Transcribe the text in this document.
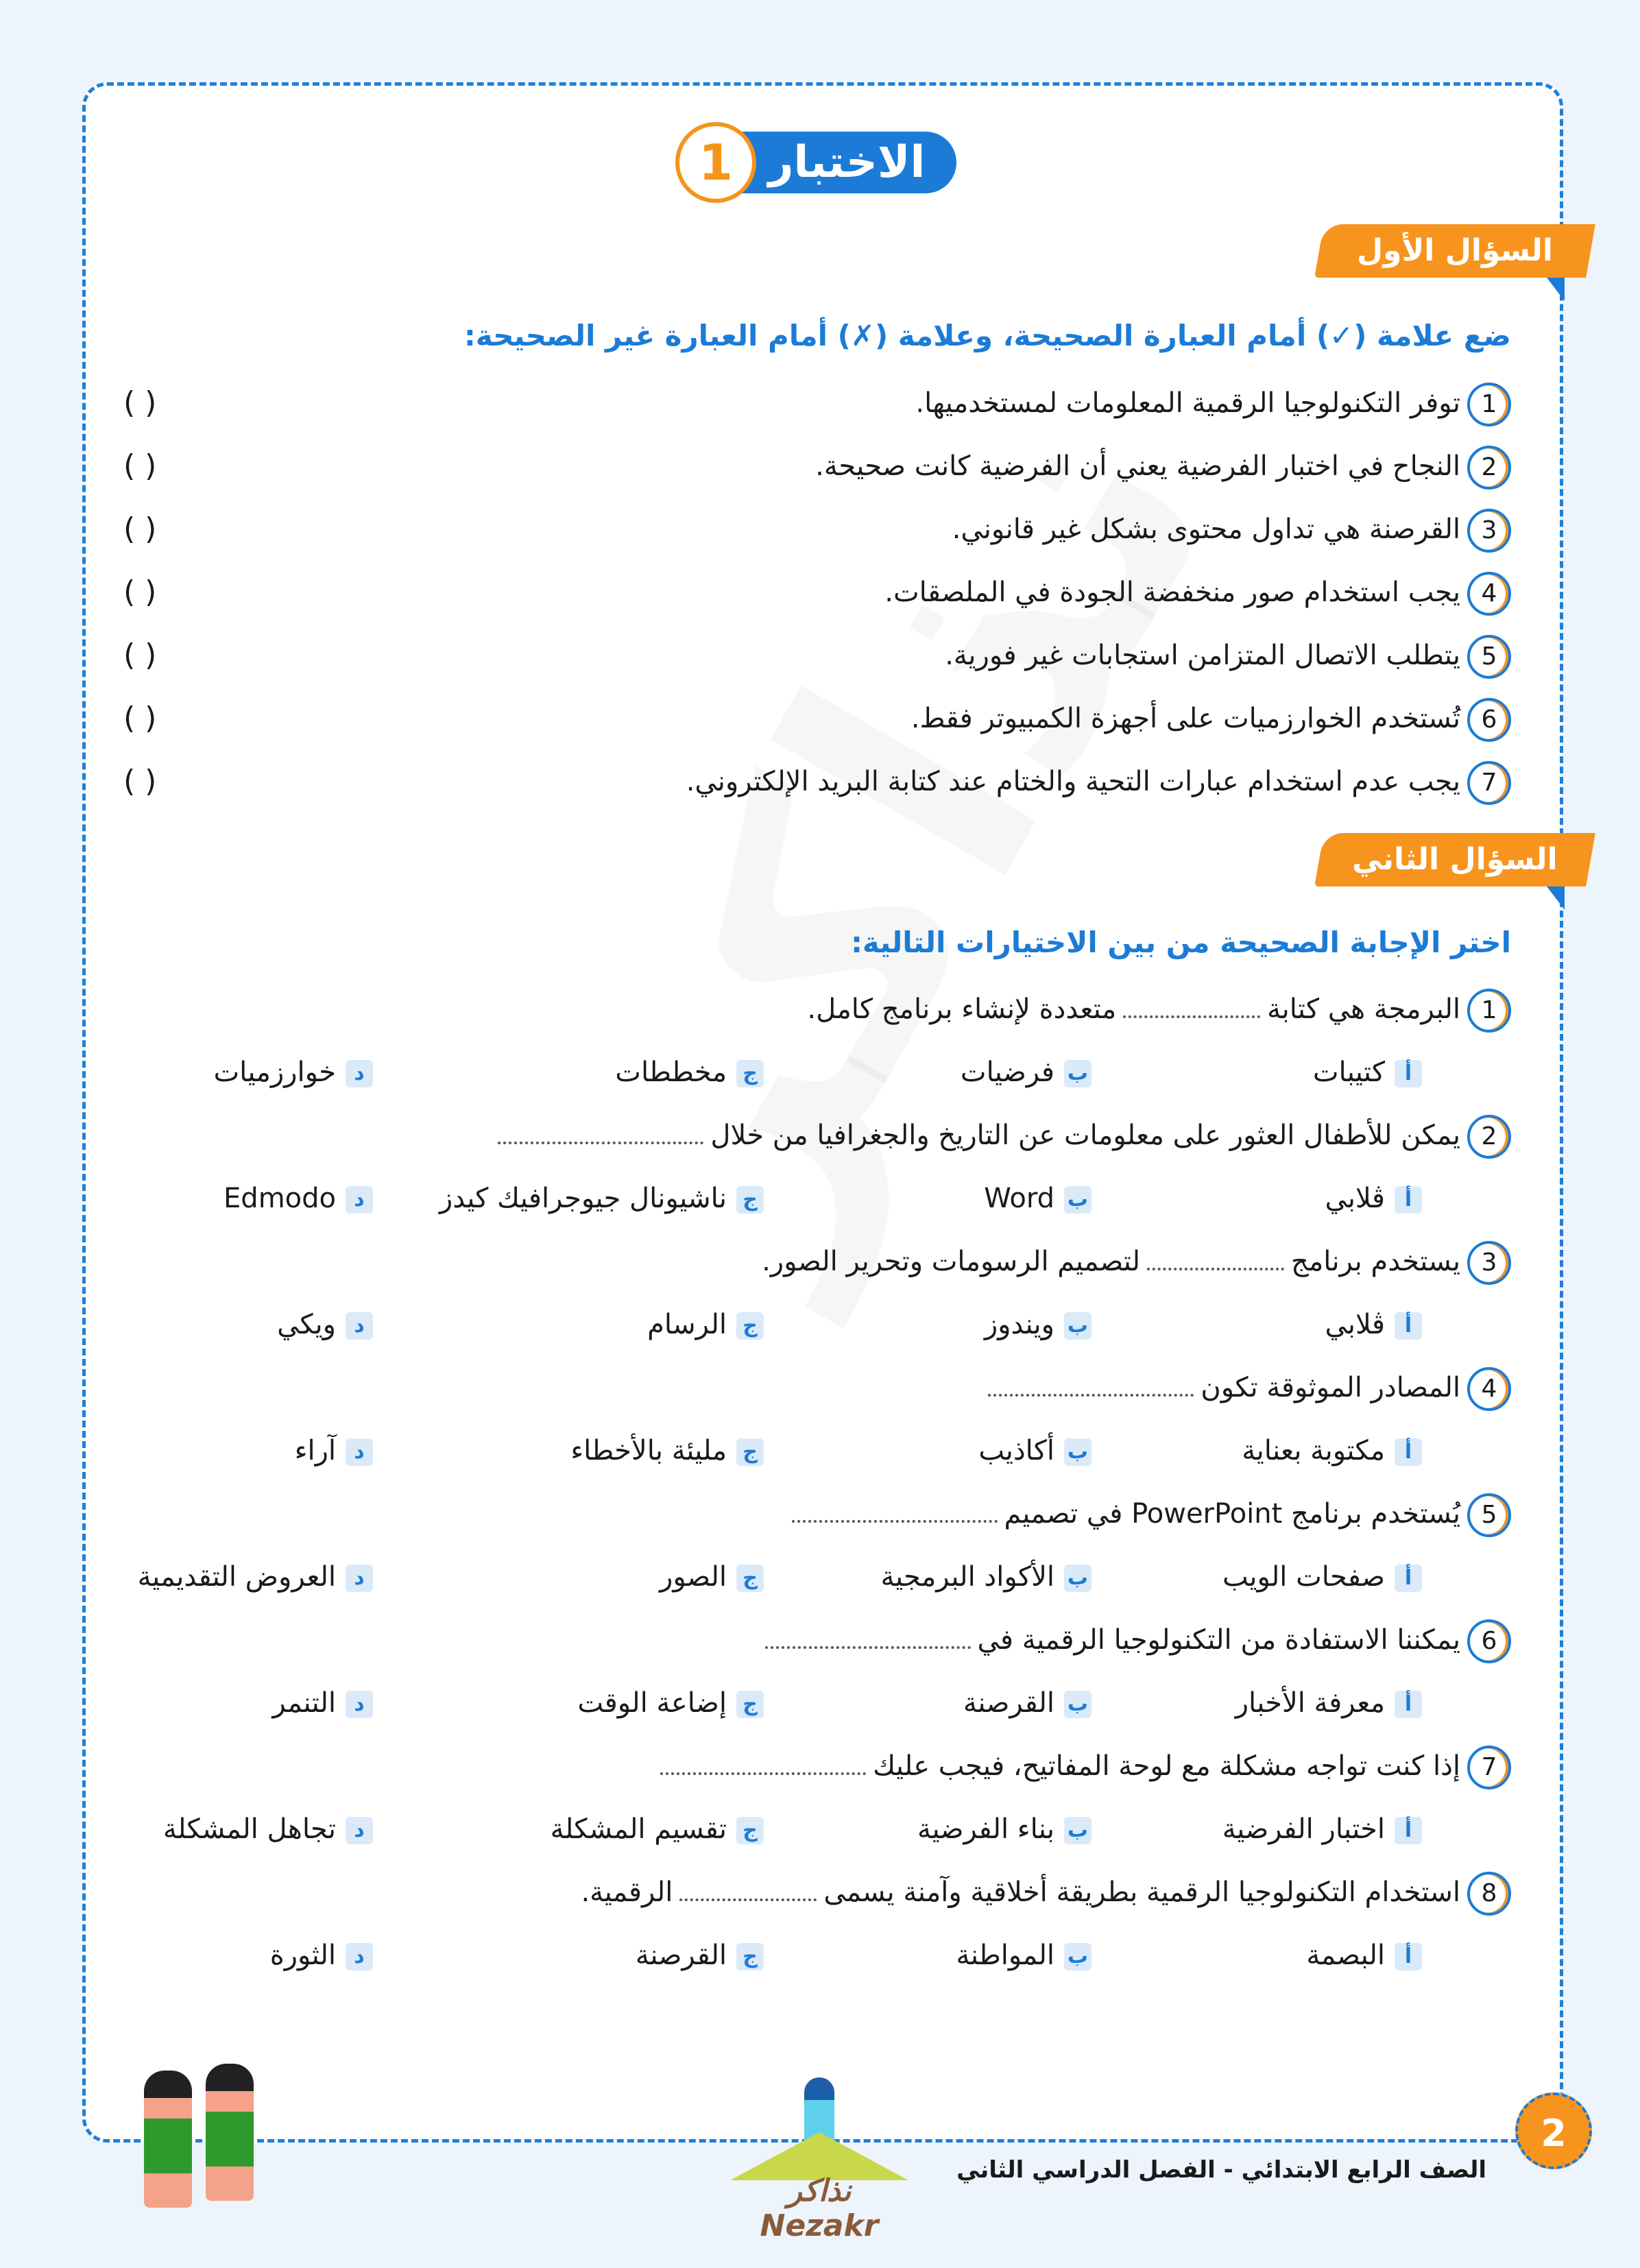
الاختبار
1
السؤال الأول
ضع علامة (✓) أمام العبارة الصحيحة، وعلامة (✗) أمام العبارة غير الصحيحة:
1توفر التكنولوجيا الرقمية المعلومات لمستخدميها.
( )
2النجاح في اختبار الفرضية يعني أن الفرضية كانت صحيحة.
( )
3القرصنة هي تداول محتوى بشكل غير قانوني.
( )
4يجب استخدام صور منخفضة الجودة في الملصقات.
( )
5يتطلب الاتصال المتزامن استجابات غير فورية.
( )
6تُستخدم الخوارزميات على أجهزة الكمبيوتر فقط.
( )
7يجب عدم استخدام عبارات التحية والختام عند كتابة البريد الإلكتروني.
( )
السؤال الثاني
اختر الإجابة الصحيحة من بين الاختيارات التالية:
1البرمجة هي كتابةمتعددة لإنشاء برنامج كامل.
أكتيبات
بفرضيات
جمخططات
دخوارزميات
2يمكن للأطفال العثور على معلومات عن التاريخ والجغرافيا من خلال
أڤلابي
بWord
جناشيونال جيوجرافيك كيدز
دEdmodo
3يستخدم برنامجلتصميم الرسومات وتحرير الصور.
أڤلابي
بويندوز
جالرسام
دويكي
4المصادر الموثوقة تكون
أمكتوبة بعناية
بأكاذيب
جمليئة بالأخطاء
دآراء
5يُستخدم برنامج PowerPoint في تصميم
أصفحات الويب
بالأكواد البرمجية
جالصور
دالعروض التقديمية
6يمكننا الاستفادة من التكنولوجيا الرقمية في
أمعرفة الأخبار
بالقرصنة
جإضاعة الوقت
دالتنمر
7إذا كنت تواجه مشكلة مع لوحة المفاتيح، فيجب عليك
أاختبار الفرضية
ببناء الفرضية
جتقسيم المشكلة
دتجاهل المشكلة
8استخدام التكنولوجيا الرقمية بطريقة أخلاقية وآمنة يسمىالرقمية.
أالبصمة
بالمواطنة
جالقرصنة
دالثورة
نذاكر Nezakr
الصف الرابع الابتدائي - الفصل الدراسي الثاني
2
